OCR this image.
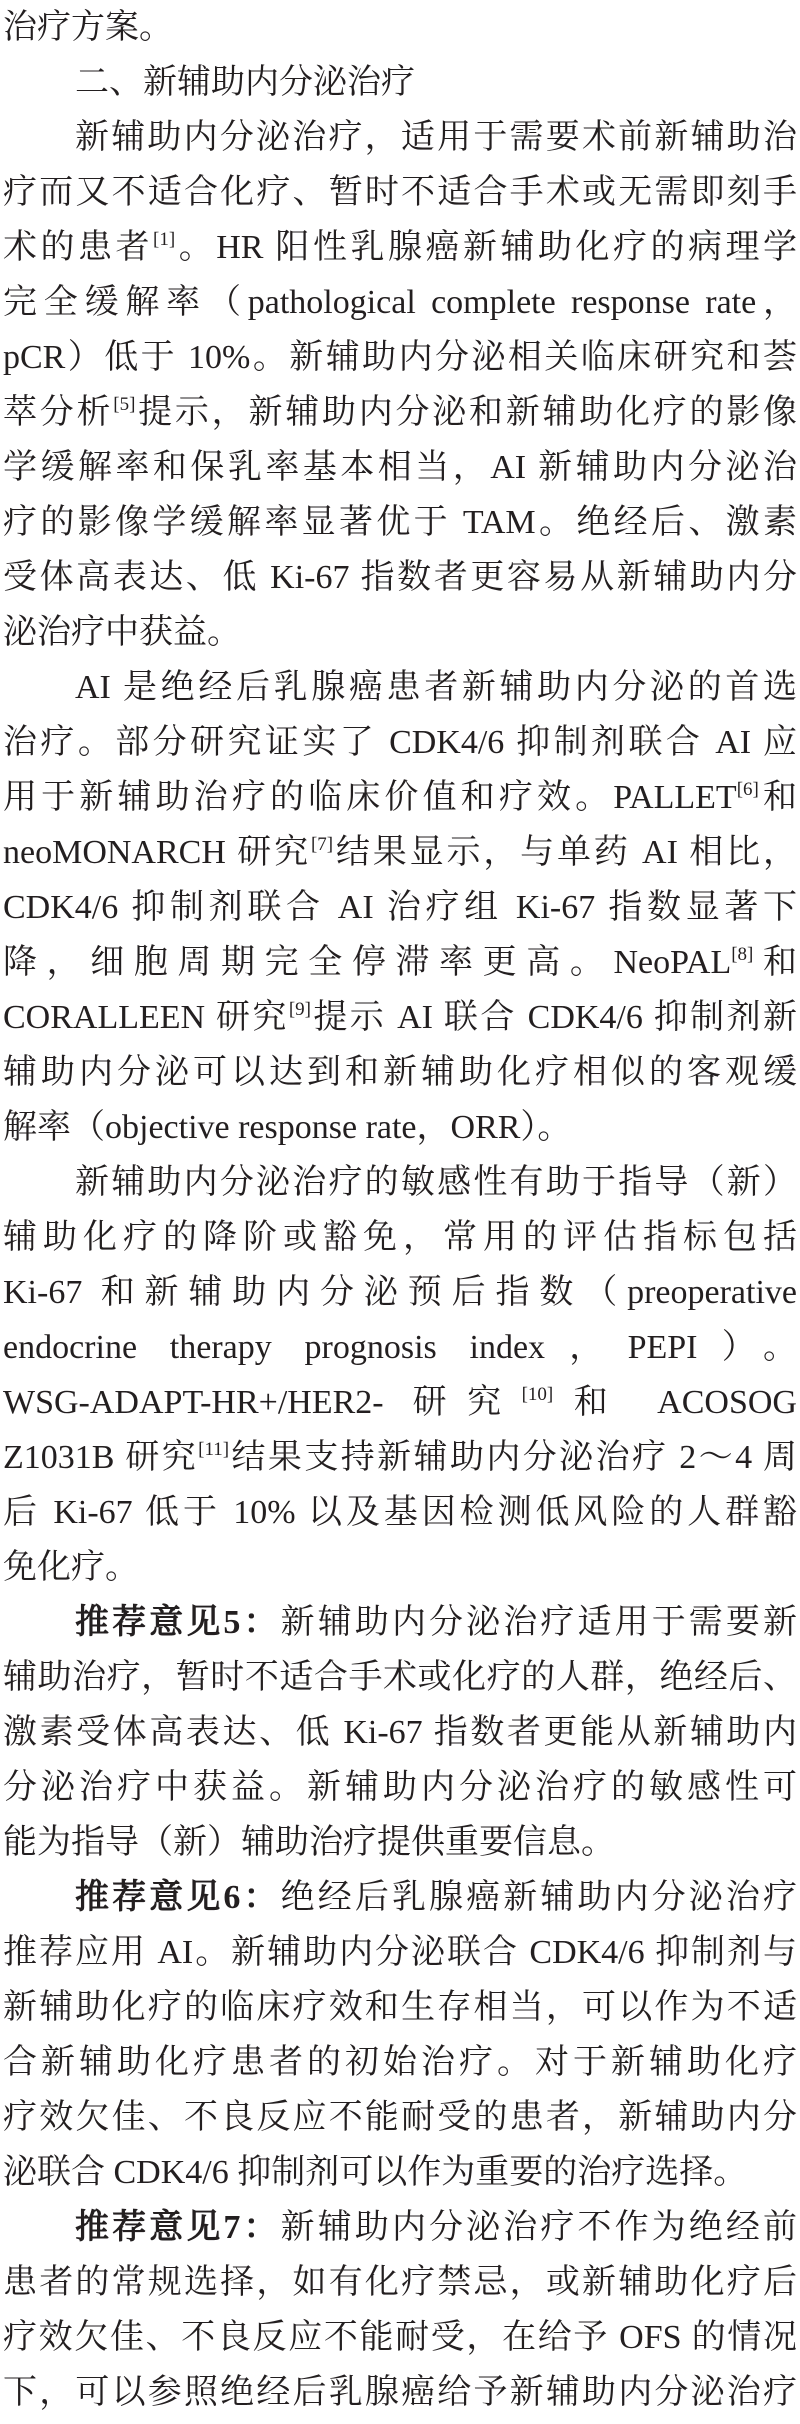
治疗方案。
二、新辅助内分泌治疗
新辅助内分泌治疗，适用于需要术前新辅助治
疗而又不适合化疗、暂时不适合手术或无需即刻手
术的患者[1]。HR 阳性乳腺癌新辅助化疗的病理学
完全缓解率（pathological complete response rate，
pCR）低于 10%。新辅助内分泌相关临床研究和荟
萃分析[5]提示，新辅助内分泌和新辅助化疗的影像
学缓解率和保乳率基本相当，AI 新辅助内分泌治
疗的影像学缓解率显著优于 TAM。绝经后、激素
受体高表达、低 Ki-67 指数者更容易从新辅助内分
泌治疗中获益。
AI 是绝经后乳腺癌患者新辅助内分泌的首选
治疗。部分研究证实了 CDK4/6 抑制剂联合 AI 应
用于新辅助治疗的临床价值和疗效。PALLET[6]和
neoMONARCH 研究[7]结果显示，与单药 AI 相比，
CDK4/6 抑制剂联合 AI 治疗组 Ki-67 指数显著下
降，细胞周期完全停滞率更高。NeoPAL[8]和
CORALLEEN 研究[9]提示 AI 联合 CDK4/6 抑制剂新
辅助内分泌可以达到和新辅助化疗相似的客观缓
解率（objective response rate，ORR）。
新辅助内分泌治疗的敏感性有助于指导（新）
辅助化疗的降阶或豁免，常用的评估指标包括
Ki-67 和新辅助内分泌预后指数（preoperative
endocrine therapy prognosis index，PEPI）。
WSG-ADAPT-HR+/HER2- 研究[10]和 ACOSOG
Z1031B 研究[11]结果支持新辅助内分泌治疗 2～4 周
后 Ki-67 低于 10% 以及基因检测低风险的人群豁
免化疗。
推荐意见5：新辅助内分泌治疗适用于需要新
辅助治疗，暂时不适合手术或化疗的人群，绝经后、
激素受体高表达、低 Ki-67 指数者更能从新辅助内
分泌治疗中获益。新辅助内分泌治疗的敏感性可
能为指导（新）辅助治疗提供重要信息。
推荐意见6：绝经后乳腺癌新辅助内分泌治疗
推荐应用 AI。新辅助内分泌联合 CDK4/6 抑制剂与
新辅助化疗的临床疗效和生存相当，可以作为不适
合新辅助化疗患者的初始治疗。对于新辅助化疗
疗效欠佳、不良反应不能耐受的患者，新辅助内分
泌联合 CDK4/6 抑制剂可以作为重要的治疗选择。
推荐意见7：新辅助内分泌治疗不作为绝经前
患者的常规选择，如有化疗禁忌，或新辅助化疗后
疗效欠佳、不良反应不能耐受，在给予 OFS 的情况
下，可以参照绝经后乳腺癌给予新辅助内分泌治疗
